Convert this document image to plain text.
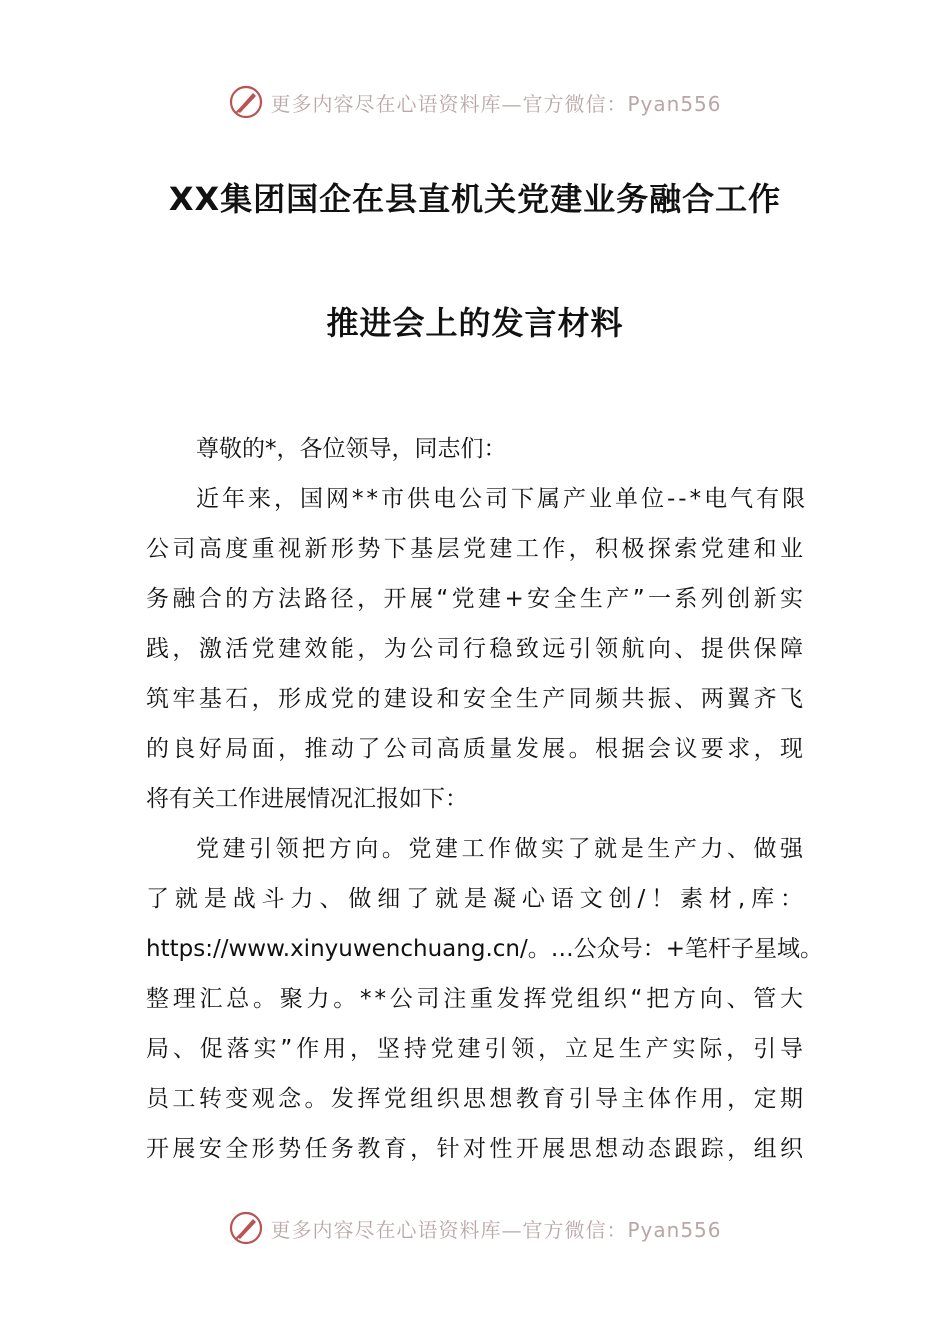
更多内容尽在心语资料库—官方微信：Pyan556
XX集团国企在县直机关党建业务融合工作
推进会上的发言材料
尊敬的*，各位领导，同志们：
近年来，国网**市供电公司下属产业单位--*电气有限
公司高度重视新形势下基层党建工作，积极探索党建和业
务融合的方法路径，开展“党建+安全生产”一系列创新实
践，激活党建效能，为公司行稳致远引领航向、提供保障
筑牢基石，形成党的建设和安全生产同频共振、两翼齐飞
的良好局面，推动了公司高质量发展。根据会议要求，现
将有关工作进展情况汇报如下：
党建引领把方向。党建工作做实了就是生产力、做强
了就是战斗力、做细了就是凝心语文创/！素材,库：
https://www.xinyuwenchuang.cn/。…公众号：+笔杆子星域。
整理汇总。聚力。**公司注重发挥党组织“把方向、管大
局、促落实”作用，坚持党建引领，立足生产实际，引导
员工转变观念。发挥党组织思想教育引导主体作用，定期
开展安全形势任务教育，针对性开展思想动态跟踪，组织
更多内容尽在心语资料库—官方微信：Pyan556
